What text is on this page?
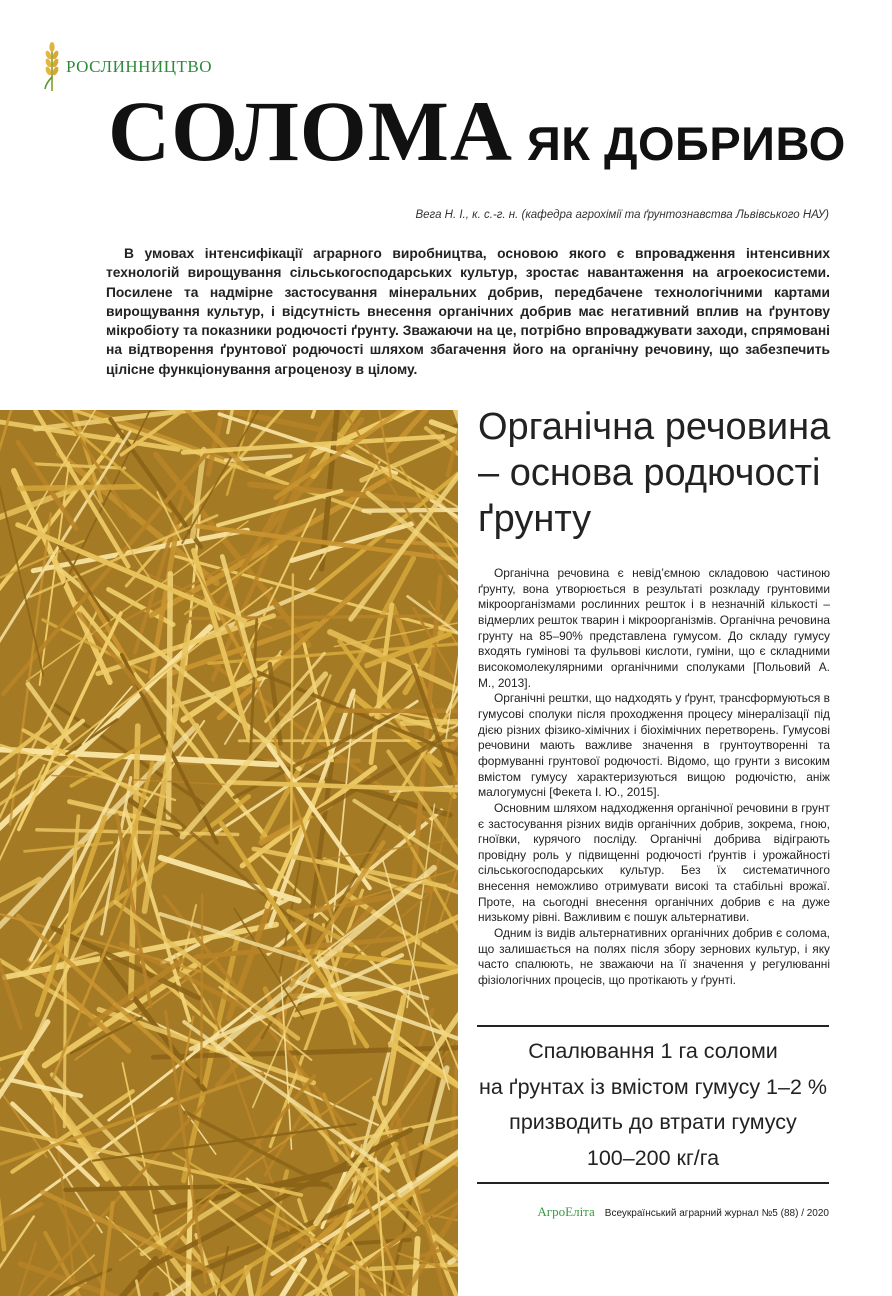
РОСЛИННИЦТВО
СОЛОМА ЯК ДОБРИВО
Вега Н. І., к. с.-г. н. (кафедра агрохімії та ґрунтознавства Львівського НАУ)

В умовах інтенсифікації аграрного виробництва, основою якого є впровадження інтенсивних технологій вирощування сільськогосподарських культур, зростає навантаження на агроекосистеми. Посилене та надмірне застосування мінеральних добрив, передбачене технологічними картами вирощування культур, і відсутність внесення органічних добрив має негативний вплив на ґрунтову мікробіоту та показники родючості ґрунту. Зважаючи на це, потрібно впроваджувати заходи, спрямовані на відтворення ґрунтової родючості шляхом збагачення його на органічну речовину, що забезпечить цілісне функціонування агроценозу в цілому.

Органічна речовина – основа родючості ґрунту

Органічна речовина є невід’ємною складовою частиною ґрунту, вона утворюється в результаті розкладу грунтовими мікроорганізмами рослинних решток і в незначній кількості – відмерлих решток тварин і мікроорганізмів. Органічна речовина грунту на 85–90% представлена гумусом. До складу гумусу входять гумінові та фульвові кислоти, гуміни, що є складними високомолекулярними органічними сполуками [Польовий А. М., 2013].

Органічні рештки, що надходять у ґрунт, трансформуються в гумусові сполуки після проходження процесу мінералізації під дією різних фізико-хімічних і біохімічних перетворень. Гумусові речовини мають важливе значення в грунтоутворенні та формуванні грунтової родючості. Відомо, що грунти з високим вмістом гумусу характеризуються вищою родючістю, аніж малогумусні [Фекета І. Ю., 2015].

Основним шляхом надходження органічної речовини в грунт є застосування різних видів органічних добрив, зокрема, гною, гноївки, курячого посліду. Органічні добрива відіграють провідну роль у підвищенні родючості ґрунтів і урожайності сільськогосподарських культур. Без їх систематичного внесення неможливо отримувати високі та стабільні врожаї. Проте, на сьогодні внесення органічних добрив є на дуже низькому рівні. Важливим є пошук альтернативи.

Одним із видів альтернативних органічних добрив є солома, що залишається на полях після збору зернових культур, і яку часто спалюють, не зважаючи на її значення у регулюванні фізіологічних процесів, що протікають у ґрунті.

Спалювання 1 га соломи
на ґрунтах із вмістом гумусу 1–2 %
призводить до втрати гумусу
100–200 кг/га
АгроЕліта Всеукраїнський аграрний журнал №5 (88) / 2020
